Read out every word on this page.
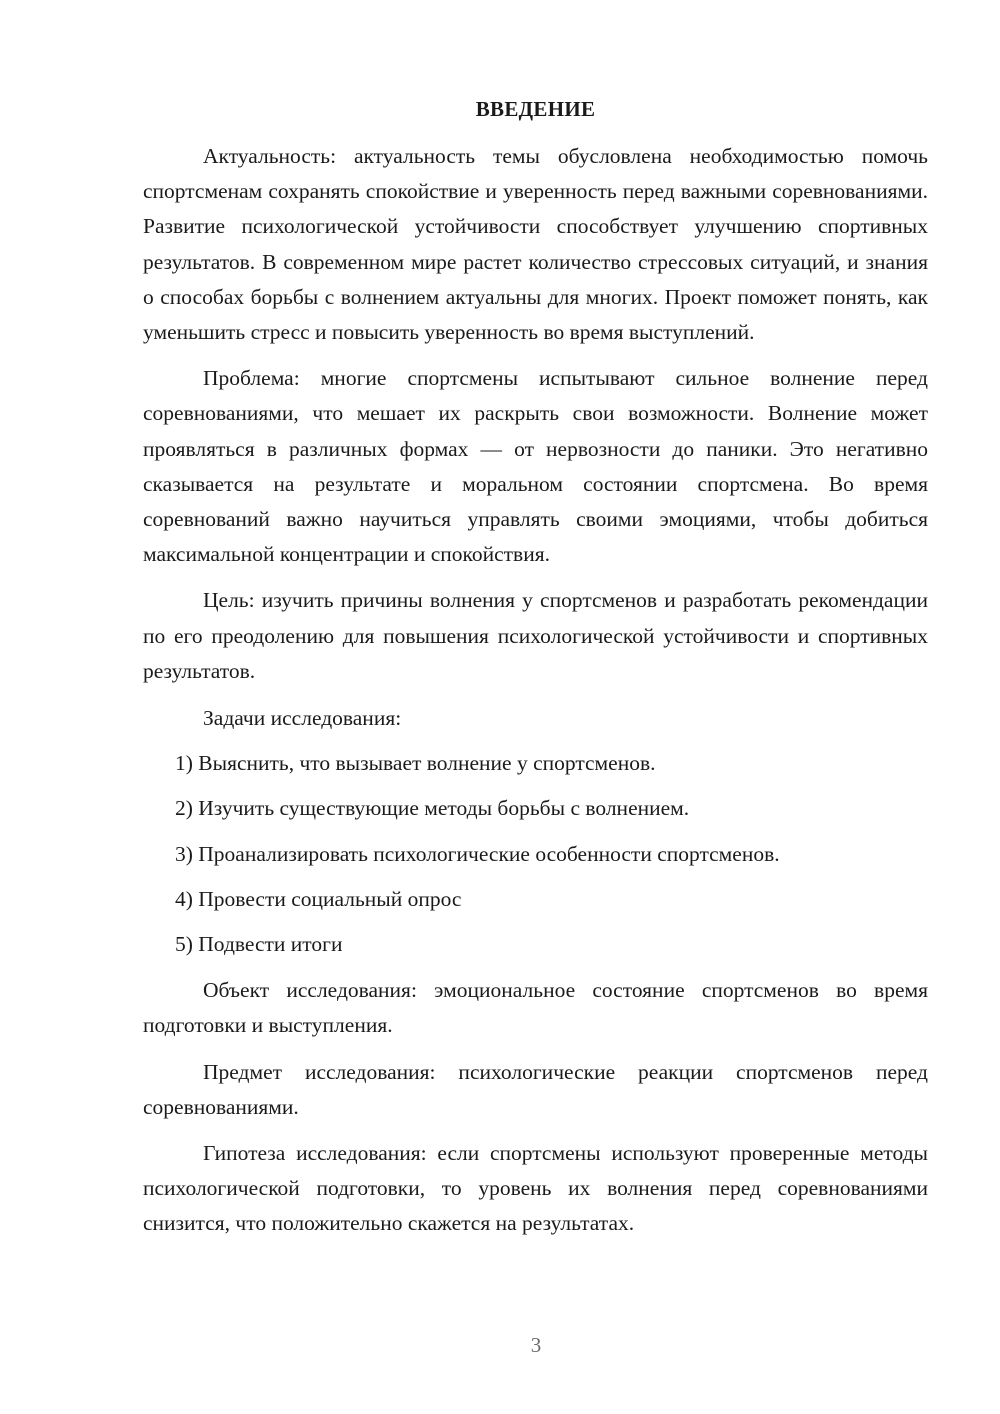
ВВЕДЕНИЕ

Актуальность: актуальность темы обусловлена необходимостью помочь спортсменам сохранять спокойствие и уверенность перед важными соревнованиями. Развитие психологической устойчивости способствует улучшению спортивных результатов. В современном мире растет количество стрессовых ситуаций, и знания о способах борьбы с волнением актуальны для многих. Проект поможет понять, как уменьшить стресс и повысить уверенность во время выступлений.

Проблема: многие спортсмены испытывают сильное волнение перед соревнованиями, что мешает их раскрыть свои возможности. Волнение может проявляться в различных формах — от нервозности до паники. Это негативно сказывается на результате и моральном состоянии спортсмена. Во время соревнований важно научиться управлять своими эмоциями, чтобы добиться максимальной концентрации и спокойствия.

Цель: изучить причины волнения у спортсменов и разработать рекомендации по его преодолению для повышения психологической устойчивости и спортивных результатов.

Задачи исследования:

1) Выяснить, что вызывает волнение у спортсменов.

2) Изучить существующие методы борьбы с волнением.

3) Проанализировать психологические особенности спортсменов.

4) Провести социальный опрос

5) Подвести итоги

Объект исследования: эмоциональное состояние спортсменов во время подготовки и выступления.

Предмет исследования: психологические реакции спортсменов перед соревнованиями.

Гипотеза исследования: если спортсмены используют проверенные методы психологической подготовки, то уровень их волнения перед соревнованиями снизится, что положительно скажется на результатах.

3
